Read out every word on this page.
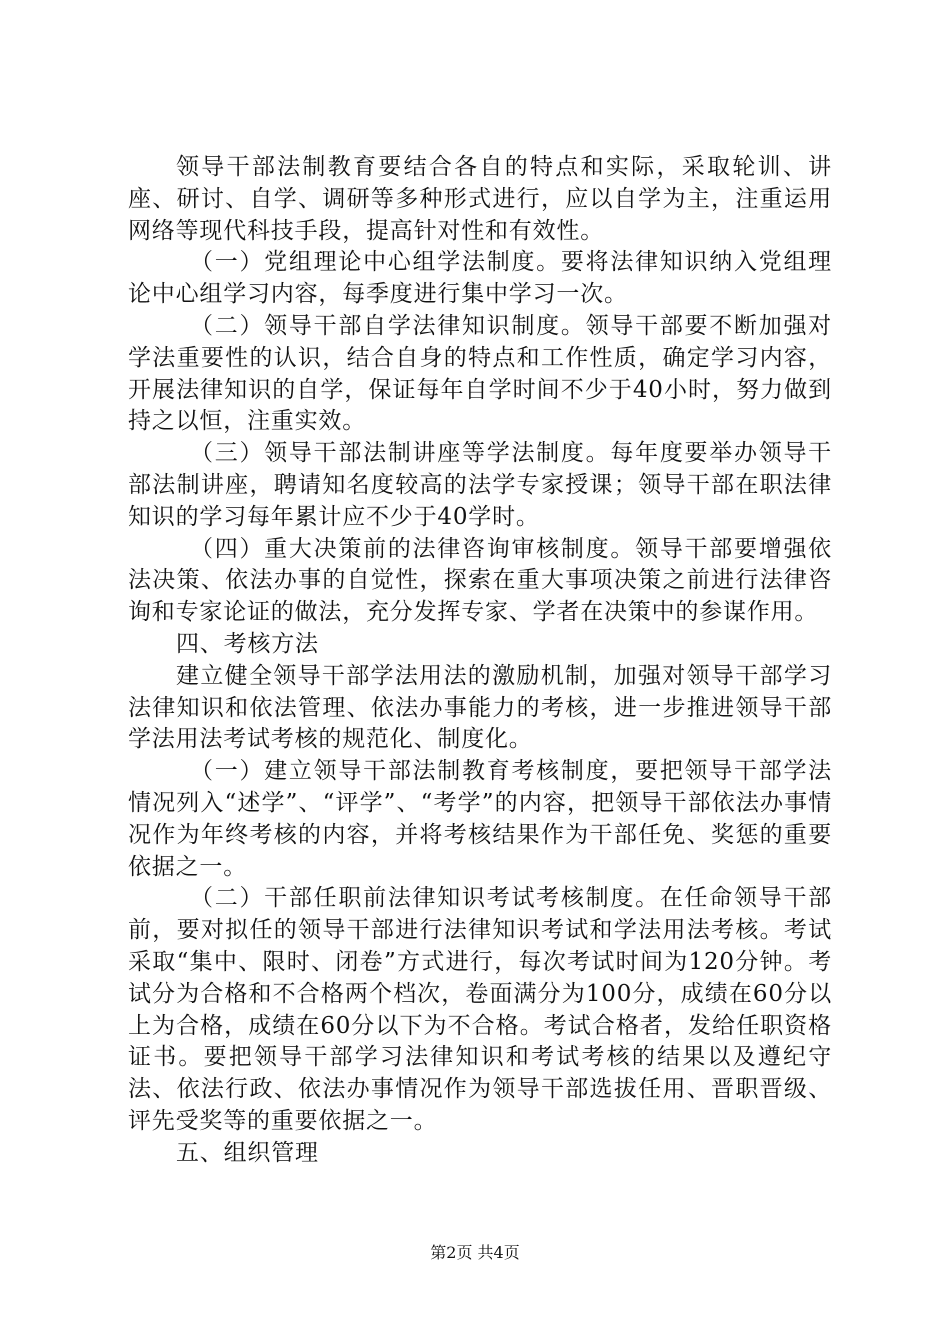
领导干部法制教育要结合各自的特点和实际，采取轮训、讲座、研讨、自学、调研等多种形式进行，应以自学为主，注重运用网络等现代科技手段，提高针对性和有效性。

（一）党组理论中心组学法制度。要将法律知识纳入党组理论中心组学习内容，每季度进行集中学习一次。

（二）领导干部自学法律知识制度。领导干部要不断加强对学法重要性的认识，结合自身的特点和工作性质，确定学习内容，开展法律知识的自学，保证每年自学时间不少于40小时，努力做到持之以恒，注重实效。

（三）领导干部法制讲座等学法制度。每年度要举办领导干部法制讲座，聘请知名度较高的法学专家授课；领导干部在职法律知识的学习每年累计应不少于40学时。

（四）重大决策前的法律咨询审核制度。领导干部要增强依法决策、依法办事的自觉性，探索在重大事项决策之前进行法律咨询和专家论证的做法，充分发挥专家、学者在决策中的参谋作用。

四、考核方法

建立健全领导干部学法用法的激励机制，加强对领导干部学习法律知识和依法管理、依法办事能力的考核，进一步推进领导干部学法用法考试考核的规范化、制度化。

（一）建立领导干部法制教育考核制度，要把领导干部学法情况列入“述学”、“评学”、“考学”的内容，把领导干部依法办事情况作为年终考核的内容，并将考核结果作为干部任免、奖惩的重要依据之一。

（二）干部任职前法律知识考试考核制度。在任命领导干部前，要对拟任的领导干部进行法律知识考试和学法用法考核。考试采取“集中、限时、闭卷”方式进行，每次考试时间为120分钟。考试分为合格和不合格两个档次，卷面满分为100分，成绩在60分以上为合格，成绩在60分以下为不合格。考试合格者，发给任职资格证书。要把领导干部学习法律知识和考试考核的结果以及遵纪守法、依法行政、依法办事情况作为领导干部选拔任用、晋职晋级、评先受奖等的重要依据之一。

五、组织管理

第2页 共4页
